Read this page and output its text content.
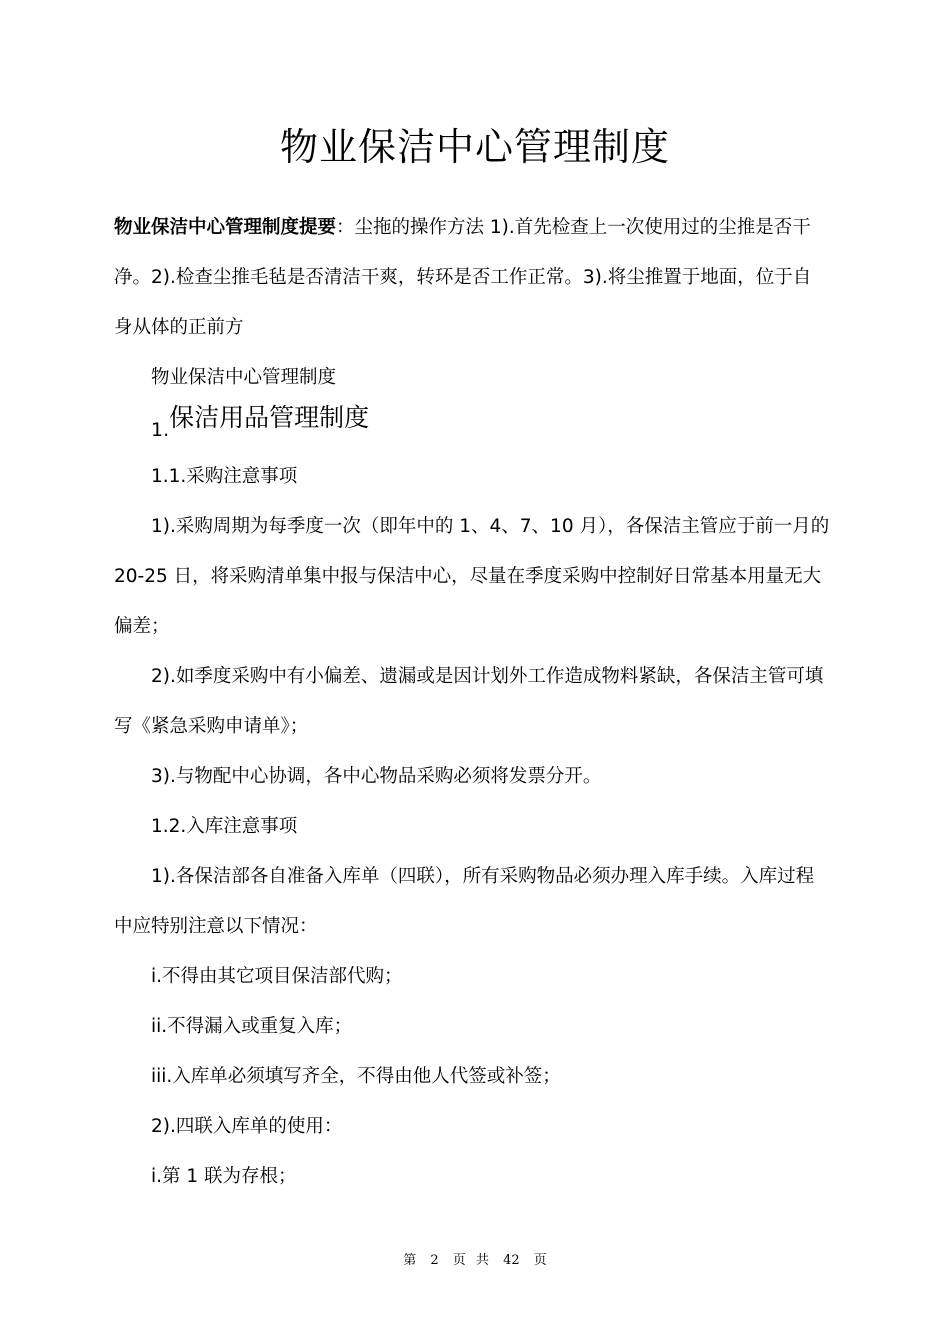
物业保洁中心管理制度
物业保洁中心管理制度提要：尘拖的操作方法 1).首先检查上一次使用过的尘推是否干
净。2).检查尘推毛毡是否清洁干爽，转环是否工作正常。3).将尘推置于地面，位于自
身从体的正前方
物业保洁中心管理制度
1.保洁用品管理制度
1.1.采购注意事项
1).采购周期为每季度一次（即年中的 1、4、7、10 月），各保洁主管应于前一月的
20-25 日，将采购清单集中报与保洁中心，尽量在季度采购中控制好日常基本用量无大
偏差；
2).如季度采购中有小偏差、遗漏或是因计划外工作造成物料紧缺，各保洁主管可填
写《紧急采购申请单》；
3).与物配中心协调，各中心物品采购必须将发票分开。
1.2.入库注意事项
1).各保洁部各自准备入库单（四联），所有采购物品必须办理入库手续。入库过程
中应特别注意以下情况：
i.不得由其它项目保洁部代购；
ii.不得漏入或重复入库；
iii.入库单必须填写齐全，不得由他人代签或补签；
2).四联入库单的使用：
i.第 1 联为存根；
第 2 页 共 42 页
